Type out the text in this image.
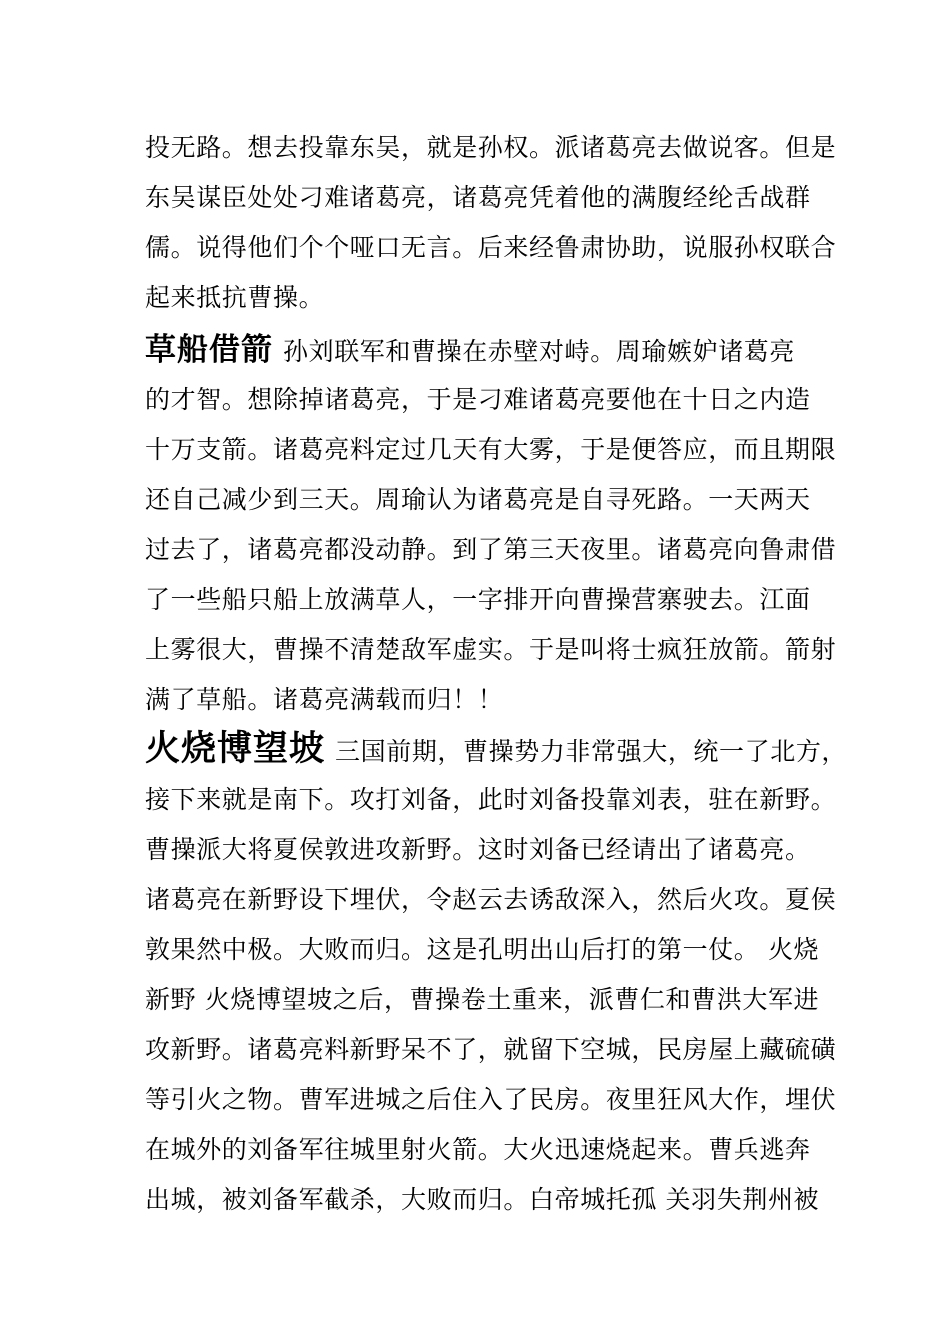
投无路。想去投靠东吴，就是孙权。派诸葛亮去做说客。但是
东吴谋臣处处刁难诸葛亮，诸葛亮凭着他的满腹经纶舌战群
儒。说得他们个个哑口无言。后来经鲁肃协助，说服孙权联合
起来抵抗曹操。
草船借箭 孙刘联军和曹操在赤壁对峙。周瑜嫉妒诸葛亮
的才智。想除掉诸葛亮，于是刁难诸葛亮要他在十日之内造
十万支箭。诸葛亮料定过几天有大雾，于是便答应，而且期限
还自己减少到三天。周瑜认为诸葛亮是自寻死路。一天两天
过去了，诸葛亮都没动静。到了第三天夜里。诸葛亮向鲁肃借
了一些船只船上放满草人，一字排开向曹操营寨驶去。江面
上雾很大，曹操不清楚敌军虚实。于是叫将士疯狂放箭。箭射
满了草船。诸葛亮满载而归！！
火烧博望坡 三国前期，曹操势力非常强大，统一了北方，
接下来就是南下。攻打刘备，此时刘备投靠刘表，驻在新野。
曹操派大将夏侯敦进攻新野。这时刘备已经请出了诸葛亮。
诸葛亮在新野设下埋伏，令赵云去诱敌深入，然后火攻。夏侯
敦果然中极。大败而归。这是孔明出山后打的第一仗。 火烧
新野 火烧博望坡之后，曹操卷土重来，派曹仁和曹洪大军进
攻新野。诸葛亮料新野呆不了，就留下空城，民房屋上藏硫磺
等引火之物。曹军进城之后住入了民房。夜里狂风大作，埋伏
在城外的刘备军往城里射火箭。大火迅速烧起来。曹兵逃奔
出城，被刘备军截杀，大败而归。白帝城托孤 关羽失荆州被
